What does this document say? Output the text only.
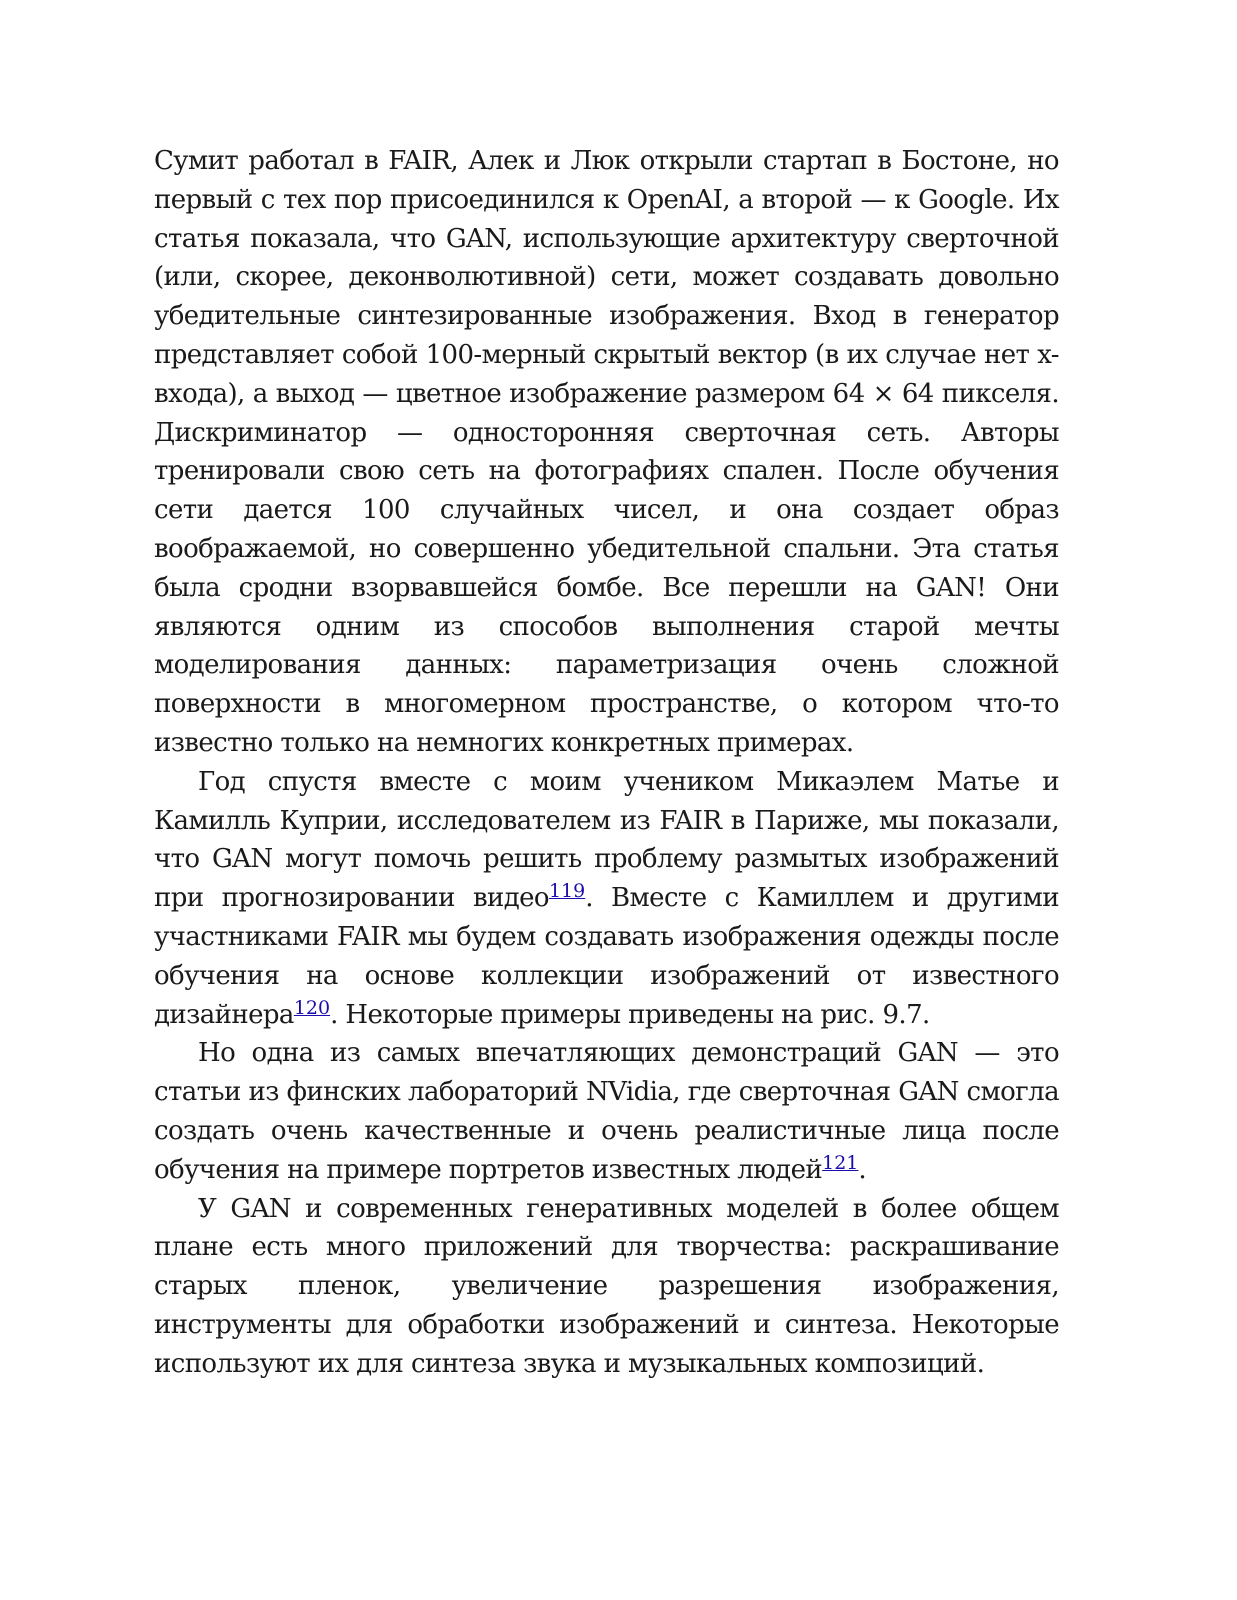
Сумит работал в FAIR, Алек и Люк открыли стартап в Бостоне, но первый с тех пор присоединился к OpenAI, а второй — к Google. Их статья показала, что GAN, использующие архитектуру сверточной (или, скорее, деконволютивной) сети, может создавать довольно убедительные синтезированные изображения. Вход в генератор представляет собой 100-мерный скрытый вектор (в их случае нет x-входа), а выход — цветное изображение размером 64 × 64 пикселя. Дискриминатор — односторонняя сверточная сеть. Авторы тренировали свою сеть на фотографиях спален. После обучения сети дается 100 случайных чисел, и она создает образ воображаемой, но совершенно убедительной спальни. Эта статья была сродни взорвавшейся бомбе. Все перешли на GAN! Они являются одним из способов выполнения старой мечты моделирования данных: параметризация очень сложной поверхности в многомерном пространстве, о котором что-то известно только на немногих конкретных примерах.

Год спустя вместе с моим учеником Микаэлем Матье и Камилль Куприи, исследователем из FAIR в Париже, мы показали, что GAN могут помочь решить проблему размытых изображений при прогнозировании видео$^{119}$. Вместе с Камиллем и другими участниками FAIR мы будем создавать изображения одежды после обучения на основе коллекции изображений от известного дизайнера$^{120}$. Некоторые примеры приведены на рис. 9.7.

Но одна из самых впечатляющих демонстраций GAN — это статьи из финских лабораторий NVidia, где сверточная GAN смогла создать очень качественные и очень реалистичные лица после обучения на примере портретов известных людей$^{121}$.

У GAN и современных генеративных моделей в более общем плане есть много приложений для творчества: раскрашивание старых пленок, увеличение разрешения изображения, инструменты для обработки изображений и синтеза. Некоторые используют их для синтеза звука и музыкальных композиций.
